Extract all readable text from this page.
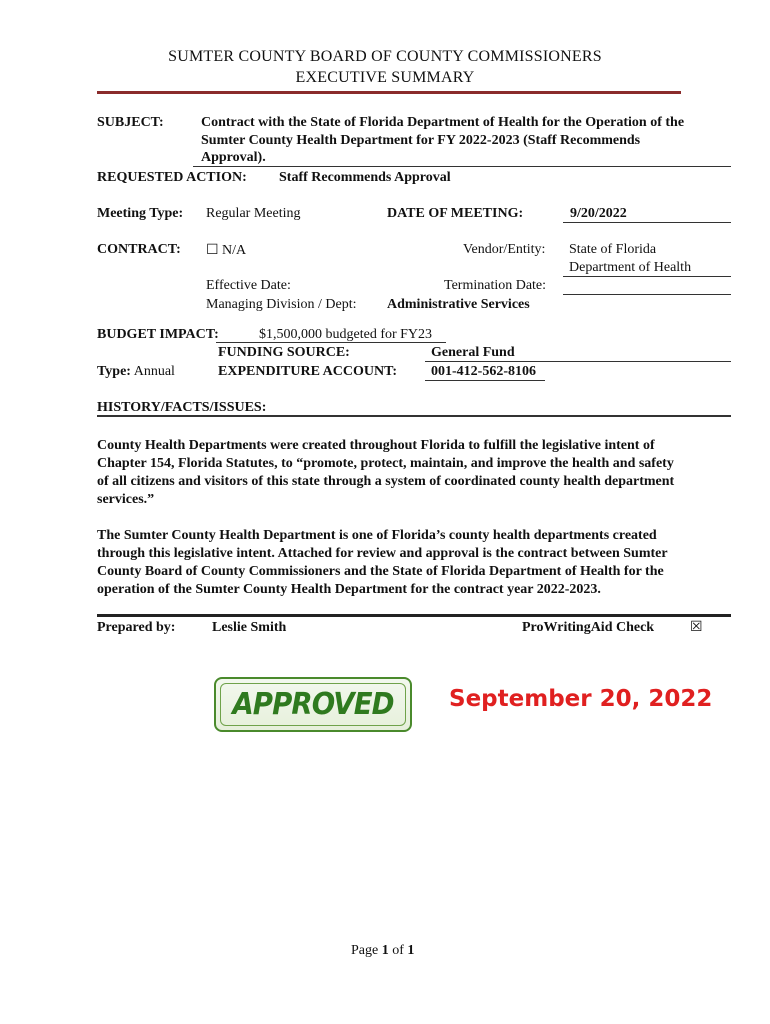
SUMTER COUNTY BOARD OF COUNTY COMMISSIONERS
EXECUTIVE SUMMARY
SUBJECT:	Contract with the State of Florida Department of Health for the Operation of the
Sumter County Health Department for FY 2022-2023 (Staff Recommends
Approval).
REQUESTED ACTION: Staff Recommends Approval
Meeting Type: Regular Meeting	DATE OF MEETING:	9/20/2022
CONTRACT: ☐ N/A	Vendor/Entity: State of Florida
Department of Health
Effective Date:	Termination Date:
Managing Division / Dept: Administrative Services
BUDGET IMPACT:	$1,500,000 budgeted for FY23
FUNDING SOURCE:	General Fund
Type: Annual	EXPENDITURE ACCOUNT: 001-412-562-8106
HISTORY/FACTS/ISSUES:
County Health Departments were created throughout Florida to fulfill the legislative intent of
Chapter 154, Florida Statutes, to “promote, protect, maintain, and improve the health and safety
of all citizens and visitors of this state through a system of coordinated county health department
services.”
The Sumter County Health Department is one of Florida’s county health departments created
through this legislative intent. Attached for review and approval is the contract between Sumter
County Board of County Commissioners and the State of Florida Department of Health for the
operation of the Sumter County Health Department for the contract year 2022-2023.
Prepared by:	Leslie Smith	ProWritingAid Check	☒
APPROVED	September 20, 2022
Page 1 of 1
